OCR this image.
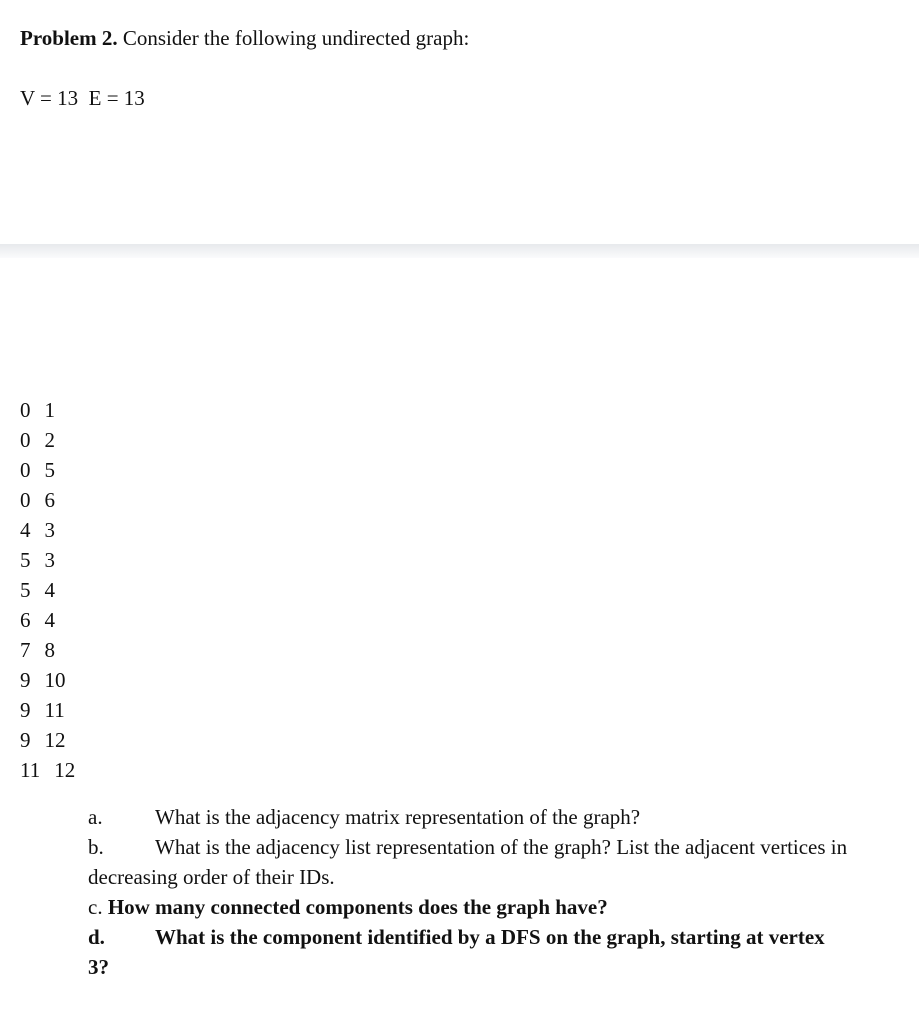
Problem 2. Consider the following undirected graph:
V = 13 E = 13
0 1
0 2
0 5
0 6
4 3
5 3
5 4
6 4
7 8
9 10
9 11
9 12
11 12
a. What is the adjacency matrix representation of the graph?
b. What is the adjacency list representation of the graph? List the adjacent vertices in
decreasing order of their IDs.
c. How many connected components does the graph have?
d. What is the component identified by a DFS on the graph, starting at vertex
3?
